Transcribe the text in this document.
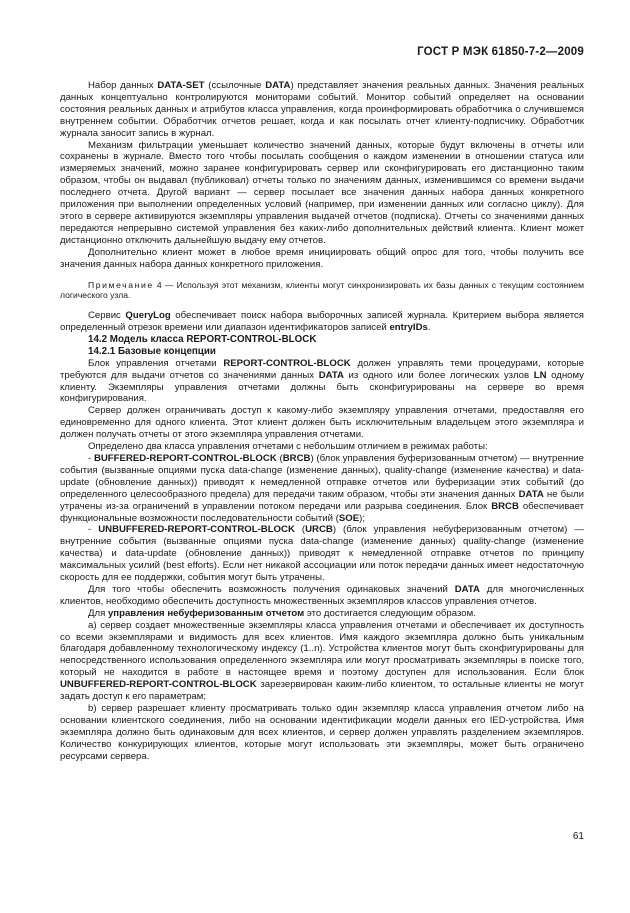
ГОСТ Р МЭК 61850-7-2—2009

Набор данных DATA-SET (ссылочные DATA) представляет значения реальных данных. Значения реальных данных концептуально контролируются мониторами событий. Монитор событий определяет на основании состояния реальных данных и атрибутов класса управления, когда проинформировать обработчика о случившемся внутреннем событии. Обработчик отчетов решает, когда и как посылать отчет клиенту-подписчику. Обработчик журнала заносит запись в журнал.

Механизм фильтрации уменьшает количество значений данных, которые будут включены в отчеты или сохранены в журнале. Вместо того чтобы посылать сообщения о каждом изменении в отношении статуса или измеряемых значений, можно заранее конфигурировать сервер или сконфигурировать его дистанционно таким образом, чтобы он выдавал (публиковал) отчеты только по значениям данных, изменившимся со времени выдачи последнего отчета. Другой вариант — сервер посылает все значения данных набора данных конкретного приложения при выполнении определенных условий (например, при изменении данных или согласно циклу). Для этого в сервере активируются экземпляры управления выдачей отчетов (подписка). Отчеты со значениями данных передаются непрерывно системой управления без каких-либо дополнительных действий клиента. Клиент может дистанционно отключить дальнейшую выдачу ему отчетов.

Дополнительно клиент может в любое время инициировать общий опрос для того, чтобы получить все значения данных набора данных конкретного приложения.

Примечание 4 — Используя этот механизм, клиенты могут синхронизировать их базы данных с текущим состоянием логического узла.

Сервис QueryLog обеспечивает поиск набора выборочных записей журнала. Критерием выбора является определенный отрезок времени или диапазон идентификаторов записей entryIDs.

14.2 Модель класса REPORT-CONTROL-BLOCK
14.2.1 Базовые концепции

Блок управления отчетами REPORT-CONTROL-BLOCK должен управлять теми процедурами, которые требуются для выдачи отчетов со значениями данных DATA из одного или более логических узлов LN одному клиенту. Экземпляры управления отчетами должны быть сконфигурированы на сервере во время конфигурирования.

Сервер должен ограничивать доступ к какому-либо экземпляру управления отчетами, предоставляя его единовременно для одного клиента. Этот клиент должен быть исключительным владельцем этого экземпляра и должен получать отчеты от этого экземпляра управления отчетами.

Определено два класса управления отчетами с небольшим отличием в режимах работы:

- BUFFERED-REPORT-CONTROL-BLOCK (BRCB) (блок управления буферизованным отчетом) — внутренние события (вызванные опциями пуска data-change (изменение данных), quality-change (изменение качества) и data-update (обновление данных)) приводят к немедленной отправке отчетов или буферизации этих событий (до определенного целесообразного предела) для передачи таким образом, чтобы эти значения данных DATA не были утрачены из-за ограничений в управлении потоком передачи или разрыва соединения. Блок BRCB обеспечивает функциональные возможности последовательности событий (SOE);

- UNBUFFERED-REPORT-CONTROL-BLOCK (URCB) (блок управления небуферизованным отчетом) — внутренние события (вызванные опциями пуска data-change (изменение данных) quality-change (изменение качества) и data-update (обновление данных)) приводят к немедленной отправке отчетов по принципу максимальных усилий (best efforts). Если нет никакой ассоциации или поток передачи данных имеет недостаточную скорость для ее поддержки, события могут быть утрачены.

Для того чтобы обеспечить возможность получения одинаковых значений DATA для многочисленных клиентов, необходимо обеспечить доступность множественных экземпляров классов управления отчетов.

Для управления небуферизованным отчетом это достигается следующим образом.

а) сервер создает множественные экземпляры класса управления отчетами и обеспечивает их доступность со всеми экземплярами и видимость для всех клиентов. Имя каждого экземпляра должно быть уникальным благодаря добавленному технологическому индексу (1..n). Устройства клиентов могут быть сконфигурированы для непосредственного использования определенного экземпляра или могут просматривать экземпляры в поиске того, который не находится в работе в настоящее время и поэтому доступен для использования. Если блок UNBUFFERED-REPORT-CONTROL-BLOCK зарезервирован каким-либо клиентом, то остальные клиенты не могут задать доступ к его параметрам;

b) сервер разрешает клиенту просматривать только один экземпляр класса управления отчетом либо на основании клиентского соединения, либо на основании идентификации модели данных его IED-устройства. Имя экземпляра должно быть одинаковым для всех клиентов, и сервер должен управлять разделением экземпляров. Количество конкурирующих клиентов, которые могут использовать эти экземпляры, может быть ограничено ресурсами сервера.

61
